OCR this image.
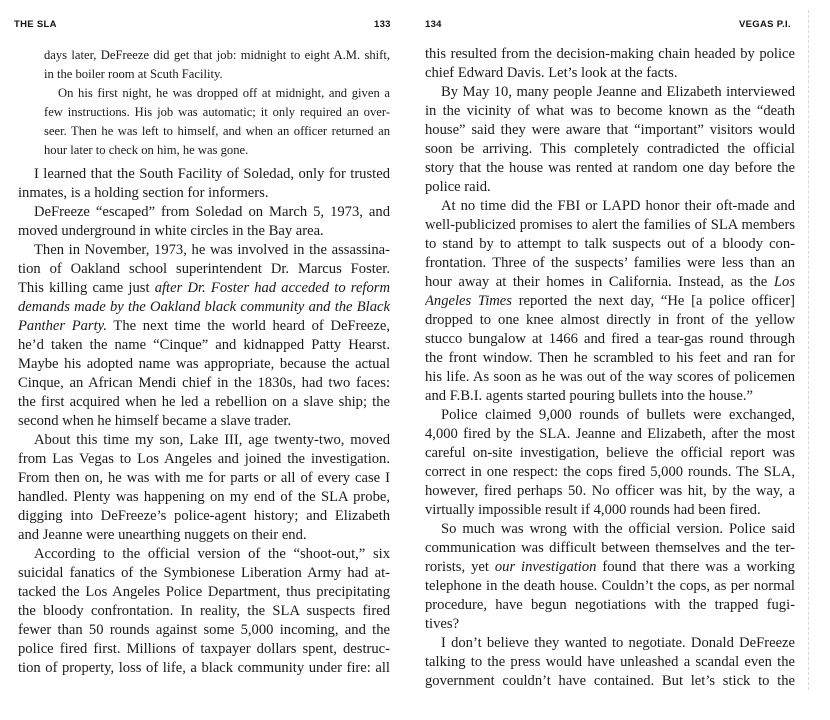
THE SLA	133
days later, DeFreeze did get that job: midnight to eight A.M. shift,
in the boiler room at Scuth Facility.
On his first night, he was dropped off at midnight, and given a
few instructions. His job was automatic; it only required an over-
seer. Then he was left to himself, and when an officer returned an
hour later to check on him, he was gone.
I learned that the South Facility of Soledad, only for trusted
inmates, is a holding section for informers.
DeFreeze “escaped” from Soledad on March 5, 1973, and
moved underground in white circles in the Bay area.
Then in November, 1973, he was involved in the assassina-
tion of Oakland school superintendent Dr. Marcus Foster.
This killing came just after Dr. Foster had acceded to reform
demands made by the Oakland black community and the Black
Panther Party. The next time the world heard of DeFreeze,
he’d taken the name “Cinque” and kidnapped Patty Hearst.
Maybe his adopted name was appropriate, because the actual
Cinque, an African Mendi chief in the 1830s, had two faces:
the first acquired when he led a rebellion on a slave ship; the
second when he himself became a slave trader.
About this time my son, Lake III, age twenty-two, moved
from Las Vegas to Los Angeles and joined the investigation.
From then on, he was with me for parts or all of every case I
handled. Plenty was happening on my end of the SLA probe,
digging into DeFreeze’s police-agent history; and Elizabeth
and Jeanne were unearthing nuggets on their end.
According to the official version of the “shoot-out,” six
suicidal fanatics of the Symbionese Liberation Army had at-
tacked the Los Angeles Police Department, thus precipitating
the bloody confrontation. In reality, the SLA suspects fired
fewer than 50 rounds against some 5,000 incoming, and the
police fired first. Millions of taxpayer dollars spent, destruc-
tion of property, loss of life, a black community under fire: all
134	VEGAS P.I.
this resulted from the decision-making chain headed by police
chief Edward Davis. Let’s look at the facts.
By May 10, many people Jeanne and Elizabeth interviewed
in the vicinity of what was to become known as the “death
house” said they were aware that “important” visitors would
soon be arriving. This completely contradicted the official
story that the house was rented at random one day before the
police raid.
At no time did the FBI or LAPD honor their oft-made and
well-publicized promises to alert the families of SLA members
to stand by to attempt to talk suspects out of a bloody con-
frontation. Three of the suspects’ families were less than an
hour away at their homes in California. Instead, as the Los
Angeles Times reported the next day, “He [a police officer]
dropped to one knee almost directly in front of the yellow
stucco bungalow at 1466 and fired a tear-gas round through
the front window. Then he scrambled to his feet and ran for
his life. As soon as he was out of the way scores of policemen
and F.B.I. agents started pouring bullets into the house.”
Police claimed 9,000 rounds of bullets were exchanged,
4,000 fired by the SLA. Jeanne and Elizabeth, after the most
careful on-site investigation, believe the official report was
correct in one respect: the cops fired 5,000 rounds. The SLA,
however, fired perhaps 50. No officer was hit, by the way, a
virtually impossible result if 4,000 rounds had been fired.
So much was wrong with the official version. Police said
communication was difficult between themselves and the ter-
rorists, yet our investigation found that there was a working
telephone in the death house. Couldn’t the cops, as per normal
procedure, have begun negotiations with the trapped fugi-
tives?
I don’t believe they wanted to negotiate. Donald DeFreeze
talking to the press would have unleashed a scandal even the
government couldn’t have contained. But let’s stick to the
